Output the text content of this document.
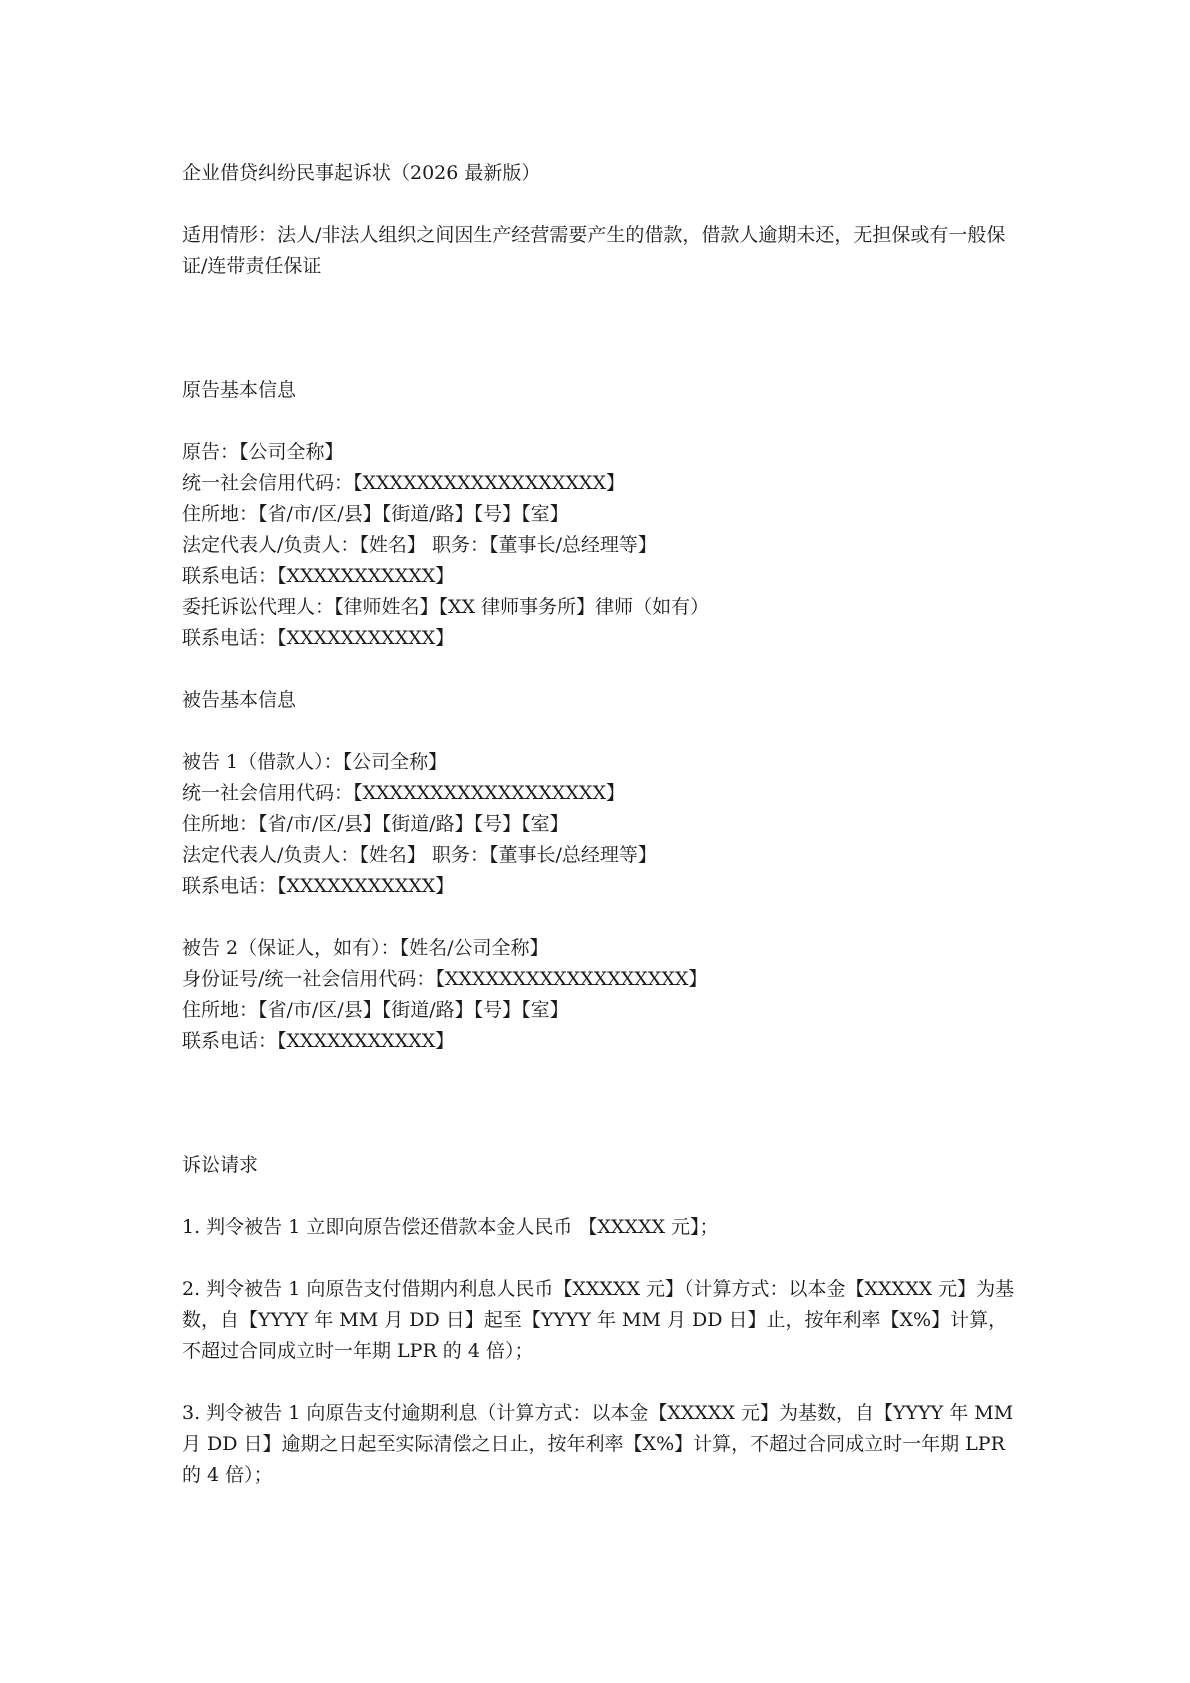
企业借贷纠纷民事起诉状（2026 最新版）

适用情形：法人/非法人组织之间因生产经营需要产生的借款，借款人逾期未还，无担保或有一般保证/连带责任保证

原告基本信息

原告：【公司全称】

统一社会信用代码：【XXXXXXXXXXXXXXXXXX】

住所地：【省/市/区/县】【街道/路】【号】【室】

法定代表人/负责人：【姓名】 职务：【董事长/总经理等】

联系电话：【XXXXXXXXXXX】

委托诉讼代理人：【律师姓名】【XX 律师事务所】律师（如有）

联系电话：【XXXXXXXXXXX】

被告基本信息

被告 1（借款人）：【公司全称】

统一社会信用代码：【XXXXXXXXXXXXXXXXXX】

住所地：【省/市/区/县】【街道/路】【号】【室】

法定代表人/负责人：【姓名】 职务：【董事长/总经理等】

联系电话：【XXXXXXXXXXX】

被告 2（保证人，如有）：【姓名/公司全称】

身份证号/统一社会信用代码：【XXXXXXXXXXXXXXXXXX】

住所地：【省/市/区/县】【街道/路】【号】【室】

联系电话：【XXXXXXXXXXX】

诉讼请求

1. 判令被告 1 立即向原告偿还借款本金人民币 【XXXXX 元】；

2. 判令被告 1 向原告支付借期内利息人民币【XXXXX 元】（计算方式：以本金【XXXXX 元】为基数，自【YYYY 年 MM 月 DD 日】起至【YYYY 年 MM 月 DD 日】止，按年利率【X%】计算，不超过合同成立时一年期 LPR 的 4 倍）；

3. 判令被告 1 向原告支付逾期利息（计算方式：以本金【XXXXX 元】为基数，自【YYYY 年 MM 月 DD 日】逾期之日起至实际清偿之日止，按年利率【X%】计算，不超过合同成立时一年期 LPR 的 4 倍）；
